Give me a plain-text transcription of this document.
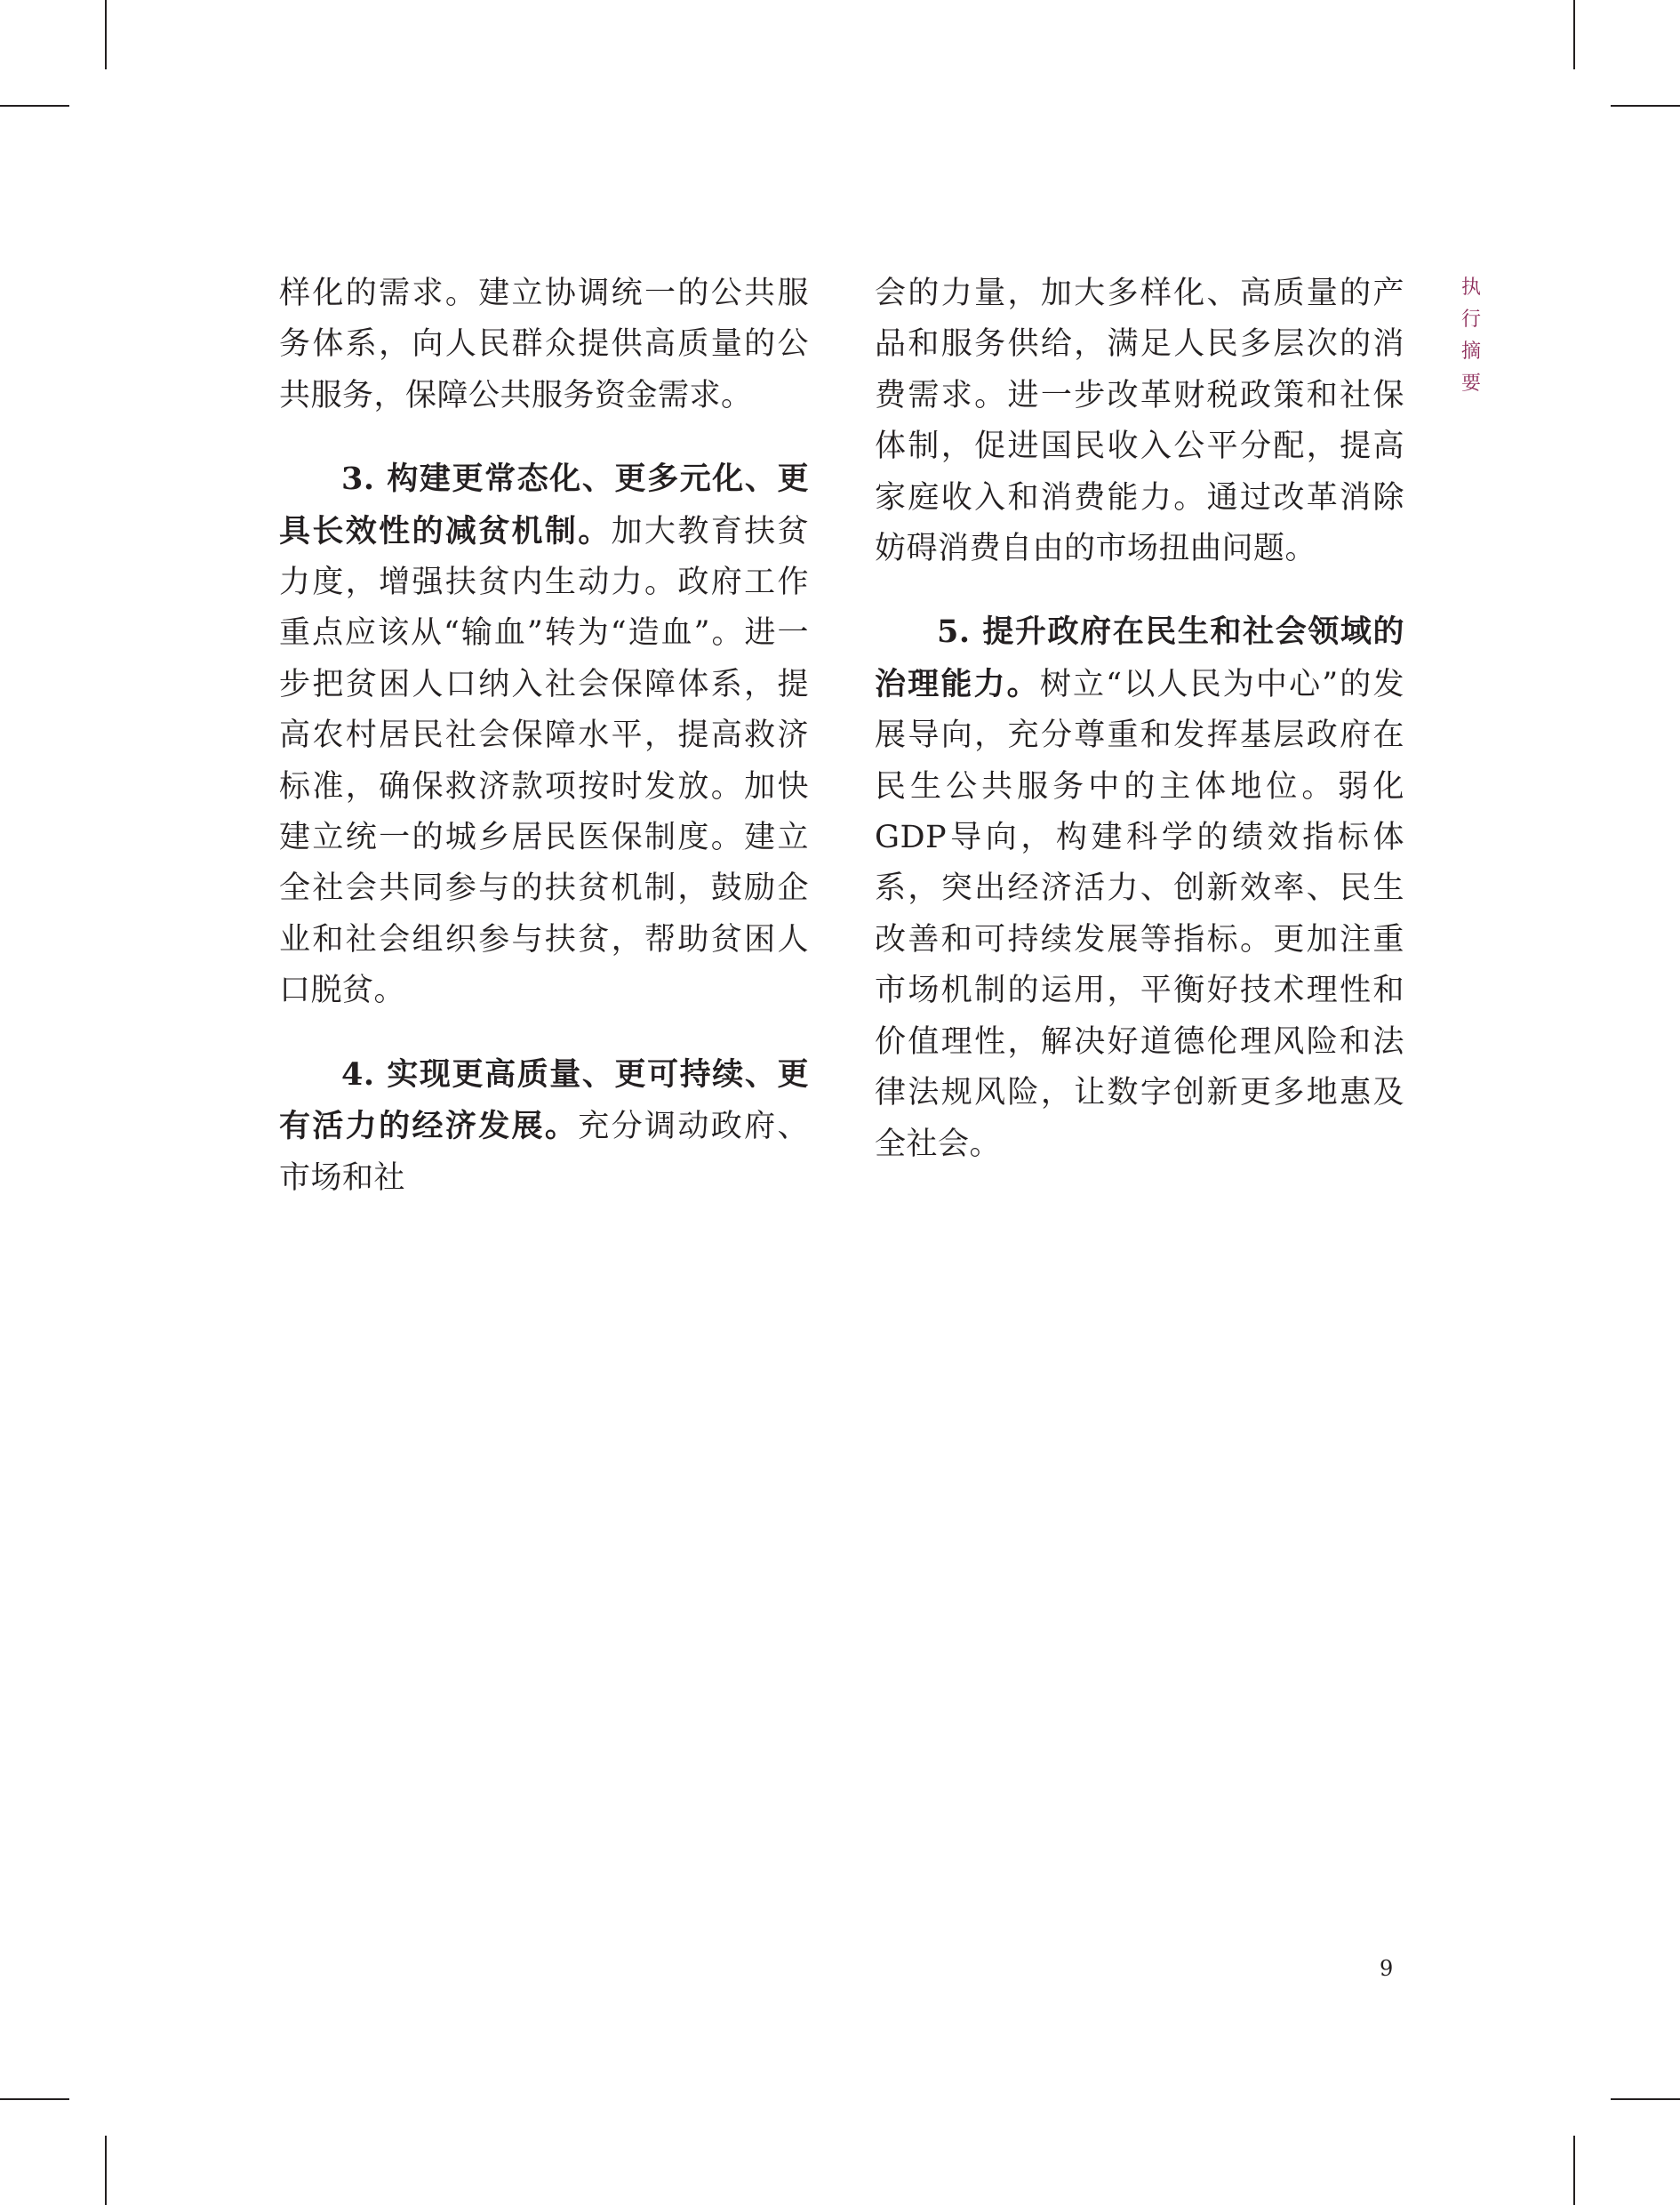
样化的需求。建立协调统一的公共服务体系，向人民群众提供高质量的公共服务，保障公共服务资金需求。

3. 构建更常态化、更多元化、更具长效性的减贫机制。加大教育扶贫力度，增强扶贫内生动力。政府工作重点应该从“输血”转为“造血”。进一步把贫困人口纳入社会保障体系，提高农村居民社会保障水平，提高救济标准，确保救济款项按时发放。加快建立统一的城乡居民医保制度。建立全社会共同参与的扶贫机制，鼓励企业和社会组织参与扶贫，帮助贫困人口脱贫。

4. 实现更高质量、更可持续、更有活力的经济发展。充分调动政府、市场和社

会的力量，加大多样化、高质量的产品和服务供给，满足人民多层次的消费需求。进一步改革财税政策和社保体制，促进国民收入公平分配，提高家庭收入和消费能力。通过改革消除妨碍消费自由的市场扭曲问题。

5. 提升政府在民生和社会领域的治理能力。树立“以人民为中心”的发展导向，充分尊重和发挥基层政府在民生公共服务中的主体地位。弱化GDP导向，构建科学的绩效指标体系，突出经济活力、创新效率、民生改善和可持续发展等指标。更加注重市场机制的运用，平衡好技术理性和价值理性，解决好道德伦理风险和法律法规风险，让数字创新更多地惠及全社会。

执
行
摘
要
9
